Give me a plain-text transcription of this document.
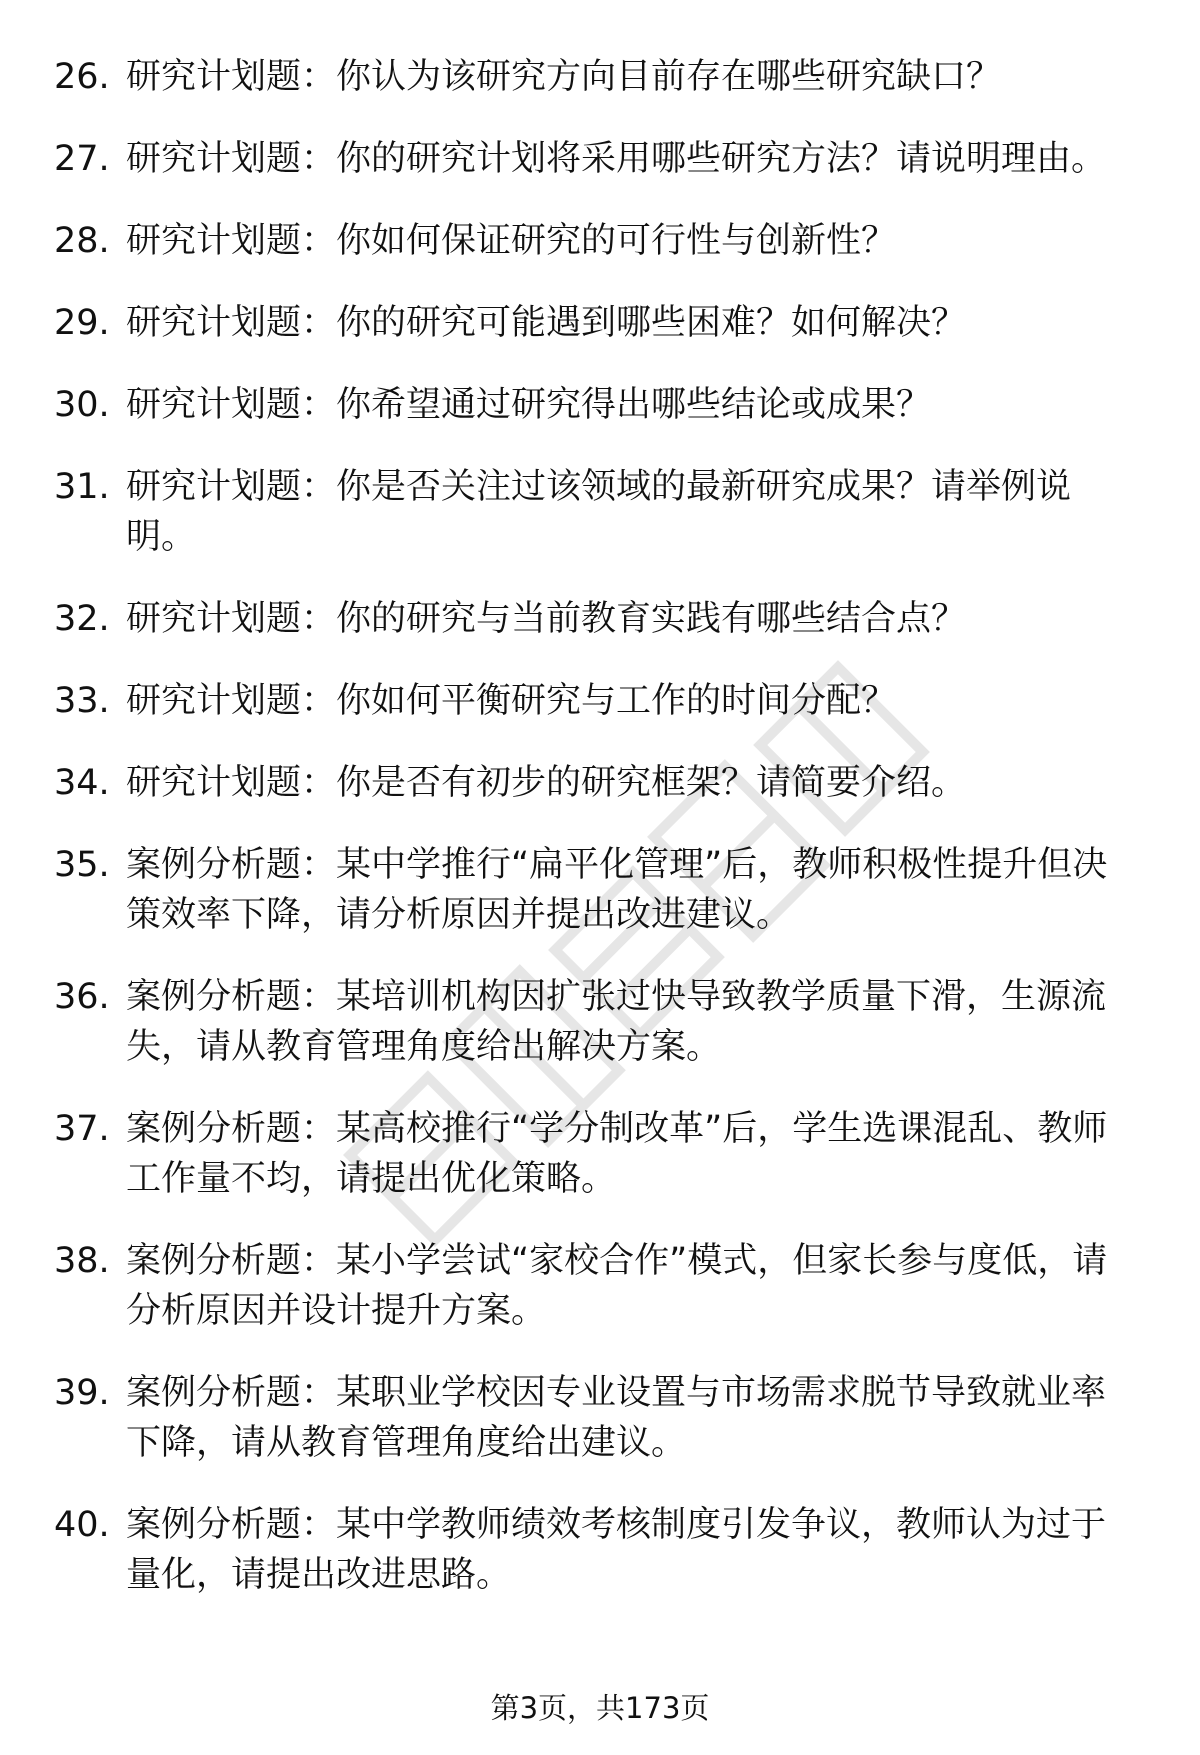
26. 研究计划题：你认为该研究方向目前存在哪些研究缺口？
27. 研究计划题：你的研究计划将采用哪些研究方法？请说明理由。
28. 研究计划题：你如何保证研究的可行性与创新性？
29. 研究计划题：你的研究可能遇到哪些困难？如何解决？
30. 研究计划题：你希望通过研究得出哪些结论或成果？
31. 研究计划题：你是否关注过该领域的最新研究成果？请举例说明。
32. 研究计划题：你的研究与当前教育实践有哪些结合点？
33. 研究计划题：你如何平衡研究与工作的时间分配？
34. 研究计划题：你是否有初步的研究框架？请简要介绍。
35. 案例分析题：某中学推行“扁平化管理”后，教师积极性提升但决策效率下降，请分析原因并提出改进建议。
36. 案例分析题：某培训机构因扩张过快导致教学质量下滑，生源流失，请从教育管理角度给出解决方案。
37. 案例分析题：某高校推行“学分制改革”后，学生选课混乱、教师工作量不均，请提出优化策略。
38. 案例分析题：某小学尝试“家校合作”模式，但家长参与度低，请分析原因并设计提升方案。
39. 案例分析题：某职业学校因专业设置与市场需求脱节导致就业率下降，请从教育管理角度给出建议。
40. 案例分析题：某中学教师绩效考核制度引发争议，教师认为过于量化，请提出改进思路。
第3页，共173页
